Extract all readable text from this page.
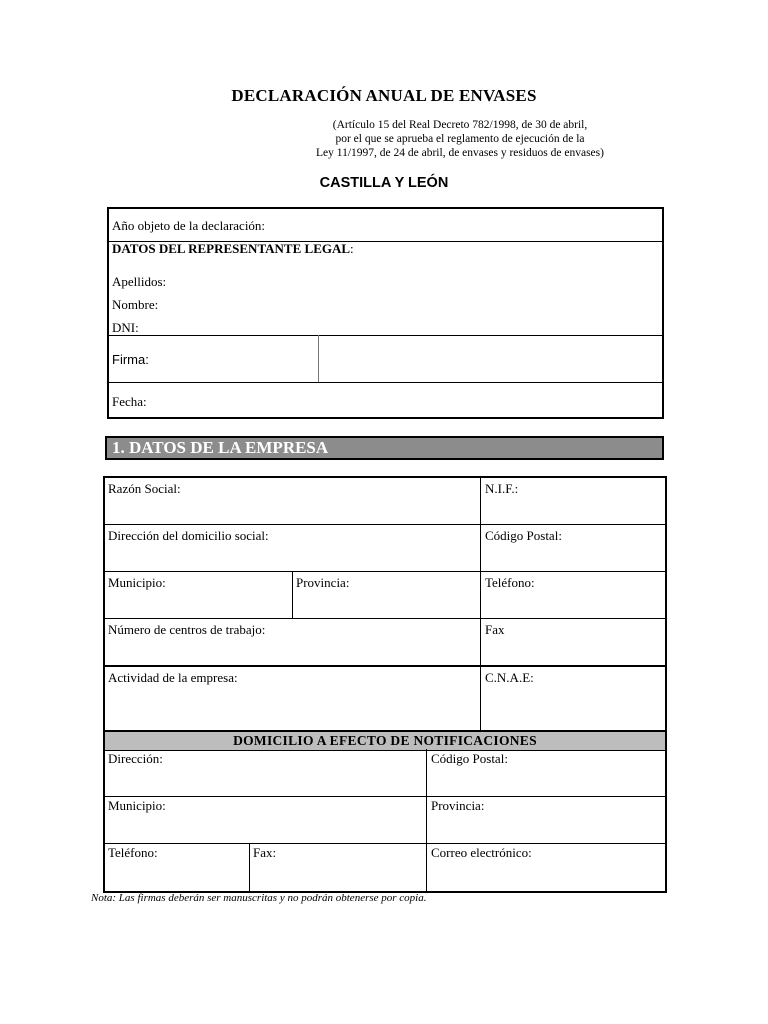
DECLARACIÓN ANUAL DE ENVASES
(Artículo 15 del Real Decreto 782/1998, de 30 de abril,
por el que se aprueba el reglamento de ejecución de la
Ley 11/1997, de 24 de abril, de envases y residuos de envases)
CASTILLA Y LEÓN
Año objeto de la declaración:
DATOS DEL REPRESENTANTE LEGAL:
Apellidos:
Nombre:
DNI:
Firma:
Fecha:
1. DATOS DE LA EMPRESA
Razón Social:	N.I.F.:
Dirección del domicilio social:	Código Postal:
Municipio:	Provincia:	Teléfono:
Número de centros de trabajo:	Fax
Actividad de la empresa:	C.N.A.E:
DOMICILIO A EFECTO DE NOTIFICACIONES
Dirección:	Código Postal:
Municipio:	Provincia:
Teléfono:	Fax:	Correo electrónico:
Nota: Las firmas deberán ser manuscritas y no podrán obtenerse por copia.
